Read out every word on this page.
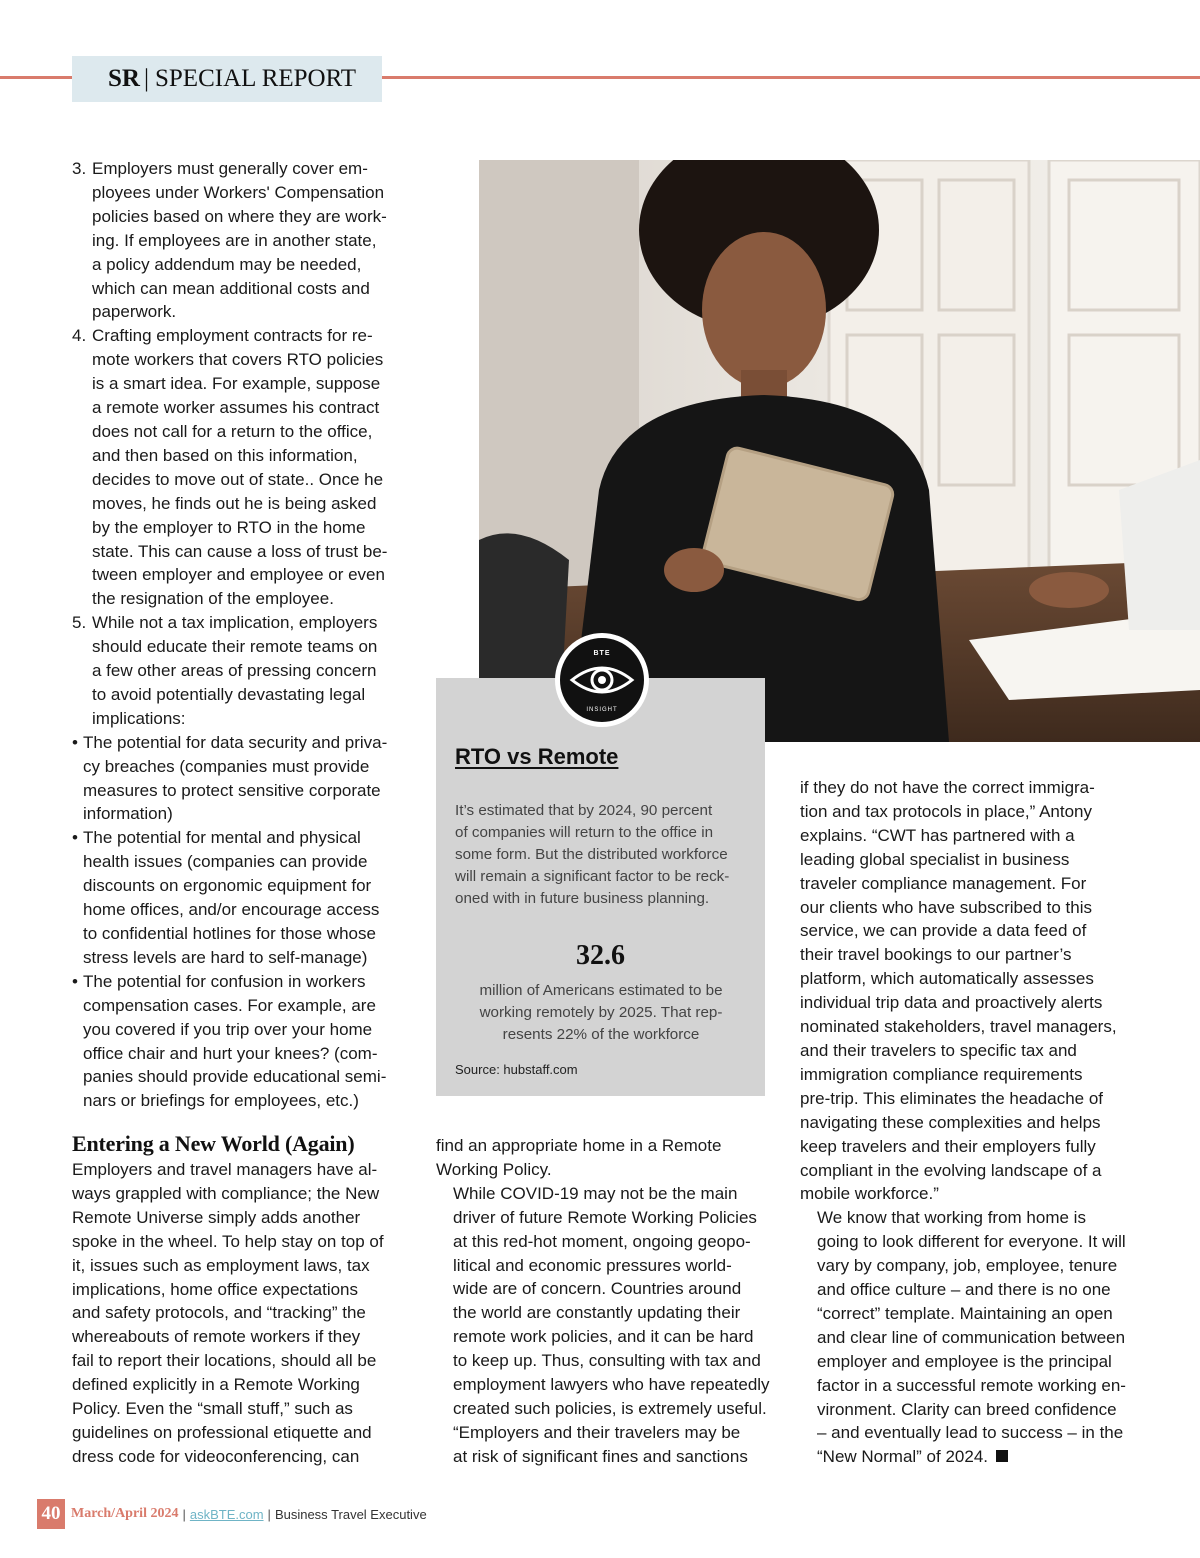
SR | SPECIAL REPORT
3. Employers must generally cover em-
ployees under Workers' Compensation
policies based on where they are work-
ing. If employees are in another state,
a policy addendum may be needed,
which can mean additional costs and
paperwork.
4. Crafting employment contracts for re-
mote workers that covers RTO policies
is a smart idea. For example, suppose
a remote worker assumes his contract
does not call for a return to the office,
and then based on this information,
decides to move out of state.. Once he
moves, he finds out he is being asked
by the employer to RTO in the home
state. This can cause a loss of trust be-
tween employer and employee or even
the resignation of the employee.
5. While not a tax implication, employers
should educate their remote teams on
a few other areas of pressing concern
to avoid potentially devastating legal
implications:
• The potential for data security and priva-
cy breaches (companies must provide
measures to protect sensitive corporate
information)
• The potential for mental and physical
health issues (companies can provide
discounts on ergonomic equipment for
home offices, and/or encourage access
to confidential hotlines for those whose
stress levels are hard to self-manage)
• The potential for confusion in workers
compensation cases. For example, are
you covered if you trip over your home
office chair and hurt your knees? (com-
panies should provide educational semi-
nars or briefings for employees, etc.)
Entering a New World (Again)

Employers and travel managers have al-
ways grappled with compliance; the New
Remote Universe simply adds another
spoke in the wheel. To help stay on top of
it, issues such as employment laws, tax
implications, home office expectations
and safety protocols, and “tracking” the
whereabouts of remote workers if they
fail to report their locations, should all be
defined explicitly in a Remote Working
Policy. Even the “small stuff,” such as
guidelines on professional etiquette and
dress code for videoconferencing, can

find an appropriate home in a Remote
Working Policy.

While COVID-19 may not be the main
driver of future Remote Working Policies
at this red-hot moment, ongoing geopo-
litical and economic pressures world-
wide are of concern. Countries around
the world are constantly updating their
remote work policies, and it can be hard
to keep up. Thus, consulting with tax and
employment lawyers who have repeatedly
created such policies, is extremely useful.

“Employers and their travelers may be
at risk of significant fines and sanctions

if they do not have the correct immigra-
tion and tax protocols in place,” Antony
explains. “CWT has partnered with a
leading global specialist in business
traveler compliance management. For
our clients who have subscribed to this
service, we can provide a data feed of
their travel bookings to our partner’s
platform, which automatically assesses
individual trip data and proactively alerts
nominated stakeholders, travel managers,
and their travelers to specific tax and
immigration compliance requirements
pre-trip. This eliminates the headache of
navigating these complexities and helps
keep travelers and their employers fully
compliant in the evolving landscape of a
mobile workforce.”

We know that working from home is
going to look different for everyone. It will
vary by company, job, employee, tenure
and office culture – and there is no one
“correct” template. Maintaining an open
and clear line of communication between
employer and employee is the principal
factor in a successful remote working en-
vironment. Clarity can breed confidence
– and eventually lead to success – in the
“New Normal” of 2024.

RTO vs Remote
It’s estimated that by 2024, 90 percent
of companies will return to the office in
some form. But the distributed workforce
will remain a significant factor to be reck-
oned with in future business planning.
32.6
million of Americans estimated to be
working remotely by 2025. That rep-
resents 22% of the workforce
Source: hubstaff.com
BTE
INSIGHT
40 March/April 2024 | askBTE.com | Business Travel Executive
